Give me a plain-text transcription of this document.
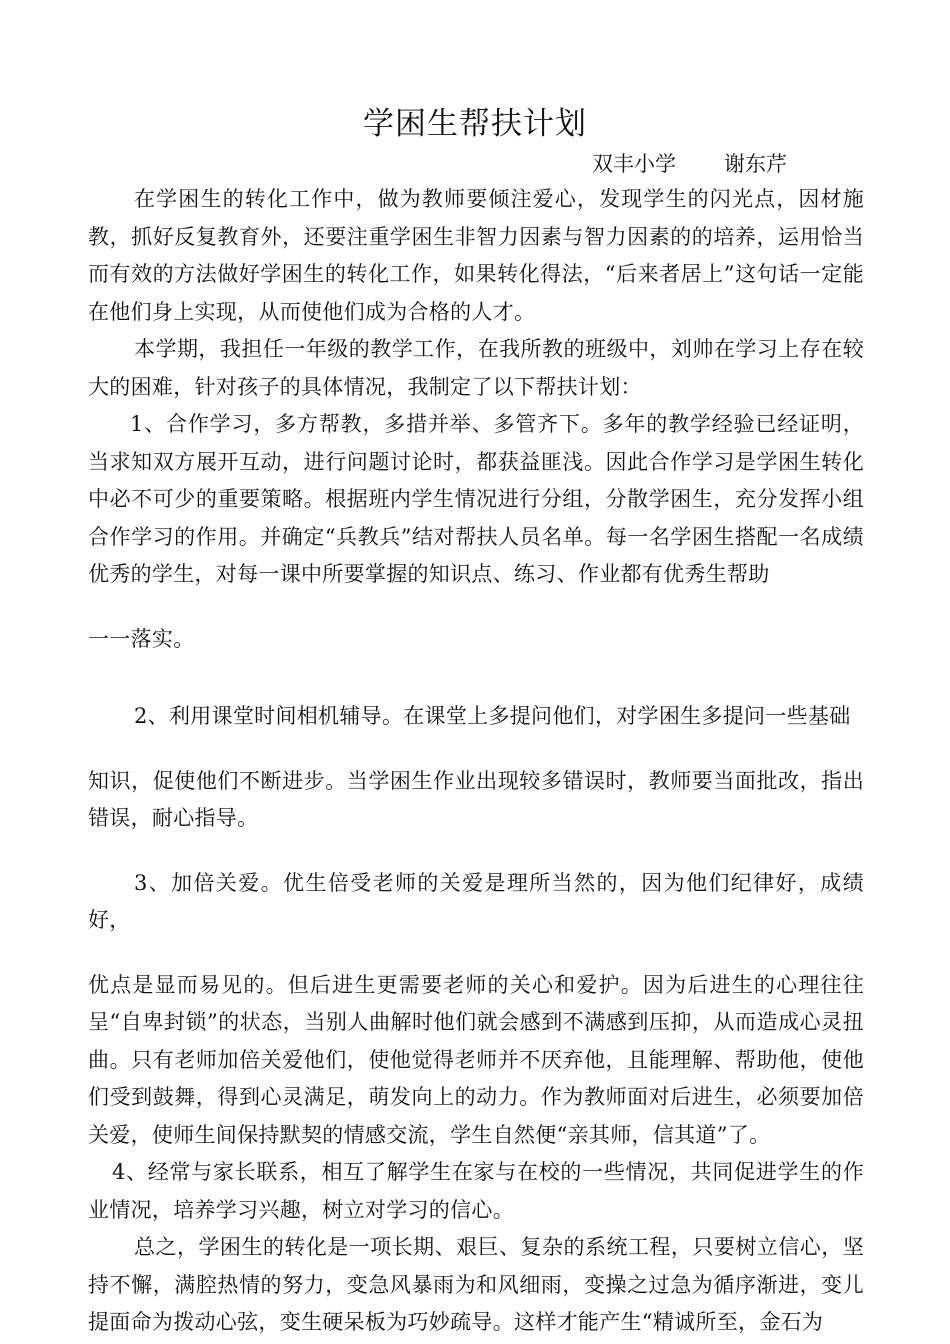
学困生帮扶计划
双丰小学 谢东芹

在学困生的转化工作中，做为教师要倾注爱心，发现学生的闪光点，因材施教，抓好反复教育外，还要注重学困生非智力因素与智力因素的的培养，运用恰当而有效的方法做好学困生的转化工作，如果转化得法，“后来者居上”这句话一定能在他们身上实现，从而使他们成为合格的人才。

本学期，我担任一年级的教学工作，在我所教的班级中，刘帅在学习上存在较大的困难，针对孩子的具体情况，我制定了以下帮扶计划：

1、合作学习，多方帮教，多措并举、多管齐下。多年的教学经验已经证明，当求知双方展开互动，进行问题讨论时，都获益匪浅。因此合作学习是学困生转化中必不可少的重要策略。根据班内学生情况进行分组，分散学困生，充分发挥小组合作学习的作用。并确定“兵教兵”结对帮扶人员名单。每一名学困生搭配一名成绩优秀的学生，对每一课中所要掌握的知识点、练习、作业都有优秀生帮助

一一落实。

2、利用课堂时间相机辅导。在课堂上多提问他们，对学困生多提问一些基础

知识，促使他们不断进步。当学困生作业出现较多错误时，教师要当面批改，指出错误，耐心指导。

3、加倍关爱。优生倍受老师的关爱是理所当然的，因为他们纪律好，成绩好，

优点是显而易见的。但后进生更需要老师的关心和爱护。因为后进生的心理往往呈“自卑封锁”的状态，当别人曲解时他们就会感到不满感到压抑，从而造成心灵扭曲。只有老师加倍关爱他们，使他觉得老师并不厌弃他，且能理解、帮助他，使他们受到鼓舞，得到心灵满足，萌发向上的动力。作为教师面对后进生，必须要加倍关爱，使师生间保持默契的情感交流，学生自然便“亲其师，信其道”了。

4、经常与家长联系，相互了解学生在家与在校的一些情况，共同促进学生的作业情况，培养学习兴趣，树立对学习的信心。

总之，学困生的转化是一项长期、艰巨、复杂的系统工程，只要树立信心，坚持不懈，满腔热情的努力，变急风暴雨为和风细雨，变操之过急为循序渐进，变儿提面命为拨动心弦，变生硬呆板为巧妙疏导。这样才能产生“精诚所至，金石为
